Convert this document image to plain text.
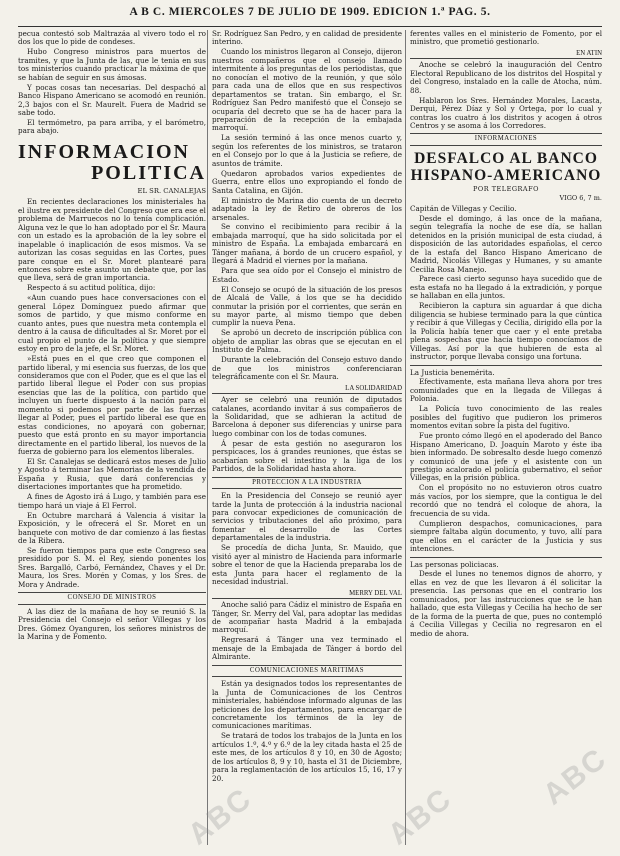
A B C. MIERCOLES 7 DE JULIO DE 1909. EDICION 1.ª PAG. 5.

pecua contestó sob Maltrazáa al vivero todo el ro dos los que lo pide de condeses.

Hubo Congreso ministros para muertos de tramites, y que la Junta de las, que le tenia en sus tos ministerios cuando practicar la máxima de que se habían de seguir en sus ámosas.

Y pocas cosas tan necesarias. Del despachó al Banco Hispano Americano se acomodó en reunión. 2,3 bajos con el Sr. Maurelt. Fuera de Madrid se sabe todo.

El termómetro, pa para arriba, y el barómetro, para abajo.

INFORMACION
POLITICA
EL SR. CANALEJAS

En recientes declaraciones los ministeriales ha el ilustre ex presidente del Congreso que era ese el problema de Marruecos no lo tenía complicación. Alguna vez le que lo han adoptado por el Sr. Maura con un estado es la aprobación de la ley sobre el inapelable ó inaplicación de esos mismos. Va se autorizan las cosas seguidas en las Cortes, pues pare conque en el Sr. Moret plantearé para entonces sobre este asunto un debate que, por las que lleva, será de gran importancia.

Respecto á su actitud política, dijo:

«Aun cuando pues hace conversaciones con el general López Domínguez puedo afirmar que somos de partido, y que mismo conforme en cuanto antes, pues que nuestra meta contempla el dentro á la causa de dificultades al Sr. Moret por el cual propio el punto de la política y que siempre estoy en pro de la jefe, el Sr. Moret.

»Está pues en el que creo que componen el partido liberal, y mi esencia sus fuerzas, de los que consideramos que con el Poder, que es el que las el partido liberal llegue el Poder con sus propias esencias que las de la política, con partido que incluyen un fuerte dispuesto á la nación para el momento si podemos por parte de las fuerzas llegar al Poder, pues el partido liberal ese que en estas condiciones, no apoyará con gobernar, puesto que está pronto en su mayor importancia directamente en el partido liberal, los nuevos de la fuerza de gobierno para los elementos liberales.

El Sr. Canalejas se dedicará estos meses de Julio y Agosto á terminar las Memorias de la vendida de España y Rusia, que dará conferencias y disertaciones importantes que ha prometido.

A fines de Agosto irá á Lugo, y también para ese tiempo hará un viaje á El Ferrol.

En Octubre marchará á Valencia á visitar la Exposición, y le ofrecerá el Sr. Moret en un banquete con motivo de dar comienzo á las fiestas de la Ribera.

Se fueron tiempos para que este Congreso sea presidido por S. M. el Rey, siendo ponentes los Sres. Bargalló, Carbó, Fernández, Chaves y el Dr. Maura, los Sres. Morén y Comas, y los Sres. de Mora y Andrade.

CONSEJO DE MINISTROS

A las diez de la mañana de hoy se reunió S. la Presidencia del Consejo el señor Villegas y los Dres. Gómez Oyanguren, los señores ministros de la Marina y de Fomento.

Sr. Rodríguez San Pedro, y en calidad de presidente interino.

Cuando los ministros llegaron al Consejo, dijeron nuestros compañeros que el consejo llamado intermitente á los preguntas de los periodistas, que no conocían el motivo de la reunión, y que sólo para cada una de ellos que en sus respectivos departamentos se tratan. Sin embargo, el Sr. Rodríguez San Pedro manifestó que el Consejo se ocuparía del decreto que se ha de hacer para la preparación de la recepción de la embajada marroquí.

La sesión terminó á las once menos cuarto y, según los referentes de los ministros, se trataron en el Consejo por lo que á la Justicia se refiere, de asuntos de trámite.

Quedaron aprobados varios expedientes de Guerra, entre ellos uno expropiando el fondo de Santa Catalina, en Gijón.

El ministro de Marina dio cuenta de un decreto adaptado la ley de Retiro de obreros de los arsenales.

Se convino el recibimiento para recibir á la embajada marroquí, que ha sido solicitada por el ministro de España. La embajada embarcará en Tánger mañana, á bordo de un crucero español, y llegará á Madrid el viernes por la mañana.

Para que sea oído por el Consejo el ministro de Estado.

El Consejo se ocupó de la situación de los presos de Alcalá de Valle, á los que se ha decidido conmutar la prisión por el corrientes, que serán en su mayor parte, al mismo tiempo que deben cumplir la nueva Pena.

Se aprobó un decreto de inscripción pública con objeto de ampliar las obras que se ejecutan en el Instituto de Palma.

Durante la celebración del Consejo estuvo dando de que los ministros conferenciaran telegráficamente con el Sr. Maura.

LA SOLIDARIDAD

Ayer se celebró una reunión de diputados catalanes, acordando invitar á sus compañeros de la Solidaridad, que se adhieran la actitud de Barcelona á deponer sus diferencias y unirse para luego combinar con los de todas comunes.

Á pesar de esta gestión no aseguraron los perspicaces, los á grandes reuniones, que éstas se acabarían sobre el intestino y la liga de los Partidos, de la Solidaridad hasta ahora.

PROTECCION A LA INDUSTRIA

En la Presidencia del Consejo se reunió ayer tarde la Junta de protección á la industria nacional para convocar expediciones de comunicación de servicios y tributaciones del año próximo, para fomentar el desarrollo de las Cortes departamentales de la industria.

Se procedía de dicha Junta, Sr. Mauido, que visitó ayer al ministro de Hacienda para informarle sobre el tenor de que la Hacienda preparaba los de esta Junta para hacer el reglamento de la necesidad industrial.

MERRY DEL VAL

Anoche salió para Cádiz el ministro de España en Tánger, Sr. Merry del Val, para adoptar las medidas de acompañar hasta Madrid á la embajada marroquí.

Regresará á Tánger una vez terminado el mensaje de la Embajada de Tánger á bordo del Almirante.

COMUNICACIONES MARITIMAS

Están ya designados todos los representantes de la Junta de Comunicaciones de los Centros ministeriales, habiéndose informado algunas de las peticiones de los departamentos, para encargar de concretamente los términos de la ley de comunicaciones marítimas.

Se tratará de todos los trabajos de la Junta en los artículos 1.º, 4.º y 6.º de la ley citada hasta el 25 de este mes, de los artículos 8 y 10, en 30 de Agosto; de los artículos 8, 9 y 10, hasta el 31 de Diciembre, para la reglamentación de los artículos 15, 16, 17 y 20.

ferentes valles en el ministerio de Fomento, por el ministro, que prometió gestionarlo.

EN ATIN

Anoche se celebró la inauguración del Centro Electoral Republicano de los distritos del Hospital y del Congreso, instalado en la calle de Atocha, núm. 88.

Hablaron los Sres. Hernández Morales, Lacasta, Derqui, Pérez Díaz y Sol y Ortega, por lo cual y contras los cuatro á los distritos y acogen á otros Centros y se asoma á los Corredores.

INFORMACIONES
DESFALCO AL BANCO HISPANO-AMERICANO
POR TELEGRAFO
VIGO 6, 7 m.

Capitán de Villegas y Cecilio.

Desde el domingo, á las once de la mañana, según telegrafía la noche de ese día, se hallan detenidos en la prisión municipal de esta ciudad, á disposición de las autoridades españolas, el cerco de la estafa del Banco Hispano Americano de Madrid, Nicolás Villegas y Humanes, y su amante Cecilia Rosa Manejo.

Parece casi cierto segunso haya sucedido que de esta estafa no ha llegado á la extradición, y porque se hallaban en ella juntos.

Recibieron la captura sin aguardar á que dicha diligencia se hubiese terminado para la que cúntica y recibir á que Villegas y Cecilia, dirigido ella por la la Policía había tener que caer y el ente pretaba plena sospechas que hacía tiempo conocíamos de Villegas. Así por la que hubieren de esta al instructor, porque llevaba consigo una fortuna.

La Justicia benemérita.

Efectivamente, esta mañana lleva ahora por tres comunidades que en la llegada de Villegas á Polonia.

La Policía tuvo conocimiento de las reales posibles del fugitivo que pudieron los primeros momentos evitan sobre la pista del fugitivo.

Fue pronto cómo llegó en el apoderado del Banco Hispano Americano, D. Joaquín Maroto y éste iba bien informado. De sobresalto desde luego comenzó y comunicó de una jefe y el asistente con un prestigio acalorado el policía gubernativo, el señor Villegas, en la prisión pública.

Con el propósito no no estuvieron otros cuatro más vacíos, por los siempre, que la contigua le del recordó que no tendrá el coloque de ahora, la frecuencia de su vida.

Cumplieron despachos, comunicaciones, para siempre faltaba algún documento, y tuvo, allí para que ellos en el carácter de la Justicia y sus intenciones.

Las personas policiacas.

Desde el lunes no tenemos dignos de ahorro, y ellas en vez de que les llevaron á él solicitar la presencia. Las personas que en el contrario los comunicados, por las instrucciones que se le han hallado, que esta Villegas y Cecilia ha hecho de ser de la forma de la puerta de que, pues no contempló á Cecilia Villegas y Cecilia no regresaron en el medio de ahora.

ABC	ABC
ABC
